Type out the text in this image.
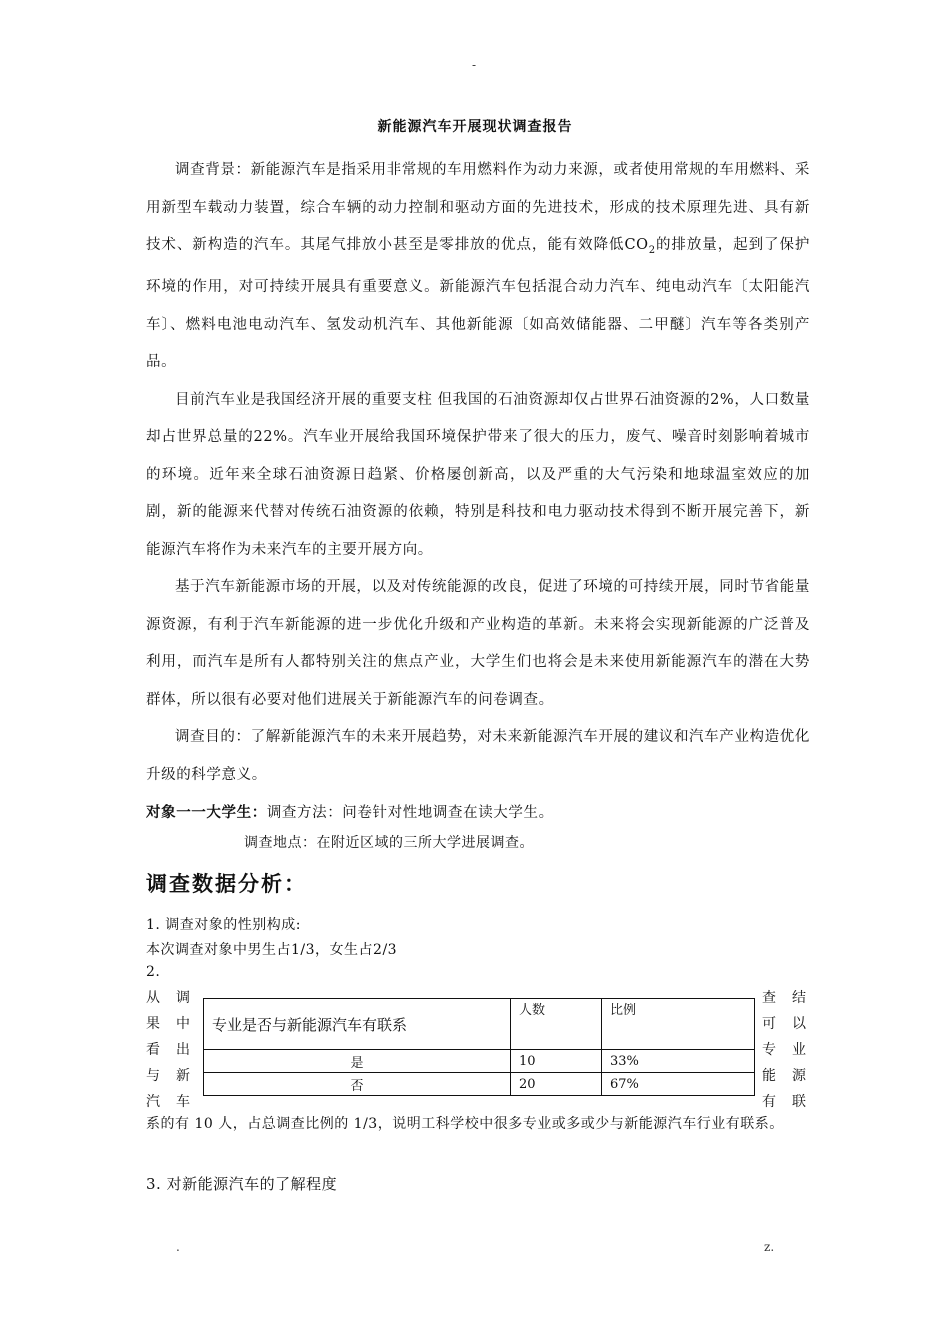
-
新能源汽车开展现状调查报告

调查背景：新能源汽车是指采用非常规的车用燃料作为动力来源，或者使用常规的车用燃料、采用新型车载动力装置，综合车辆的动力控制和驱动方面的先进技术，形成的技术原理先进、具有新技术、新构造的汽车。其尾气排放小甚至是零排放的优点，能有效降低$CO_2$的排放量，起到了保护环境的作用，对可持续开展具有重要意义。新能源汽车包括混合动力汽车、纯电动汽车〔太阳能汽车〕、燃料电池电动汽车、氢发动机汽车、其他新能源〔如高效储能器、二甲醚〕汽车等各类别产品。

目前汽车业是我国经济开展的重要支柱 但我国的石油资源却仅占世界石油资源的2%，人口数量却占世界总量的22%。汽车业开展给我国环境保护带来了很大的压力，废气、噪音时刻影响着城市的环境。近年来全球石油资源日趋紧、价格屡创新高，以及严重的大气污染和地球温室效应的加剧，新的能源来代替对传统石油资源的依赖，特别是科技和电力驱动技术得到不断开展完善下，新能源汽车将作为未来汽车的主要开展方向。

基于汽车新能源市场的开展，以及对传统能源的改良，促进了环境的可持续开展，同时节省能量源资源，有利于汽车新能源的进一步优化升级和产业构造的革新。未来将会实现新能源的广泛普及利用，而汽车是所有人都特别关注的焦点产业，大学生们也将会是未来使用新能源汽车的潜在大势群体，所以很有必要对他们进展关于新能源汽车的问卷调查。

调查目的：了解新能源汽车的未来开展趋势，对未来新能源汽车开展的建议和汽车产业构造优化升级的科学意义。

对象一一大学生：调查方法：问卷针对性地调查在读大学生。

调查地点：在附近区域的三所大学进展调查。
调查数据分析：
1. 调查对象的性别构成:
本次调查对象中男生占1/3，女生占2/3
2.
从 调
果 中
看 出
与 新
汽 车
专业是否与新能源汽车有联系	人数	比例
是	10	33%
否	20	67%
查 结
可 以
专 业
能 源
有 联
系的有 10 人，占总调查比例的 1/3，说明工科学校中很多专业或多或少与新能源汽车行业有联系。
3. 对新能源汽车的了解程度
.	z.
